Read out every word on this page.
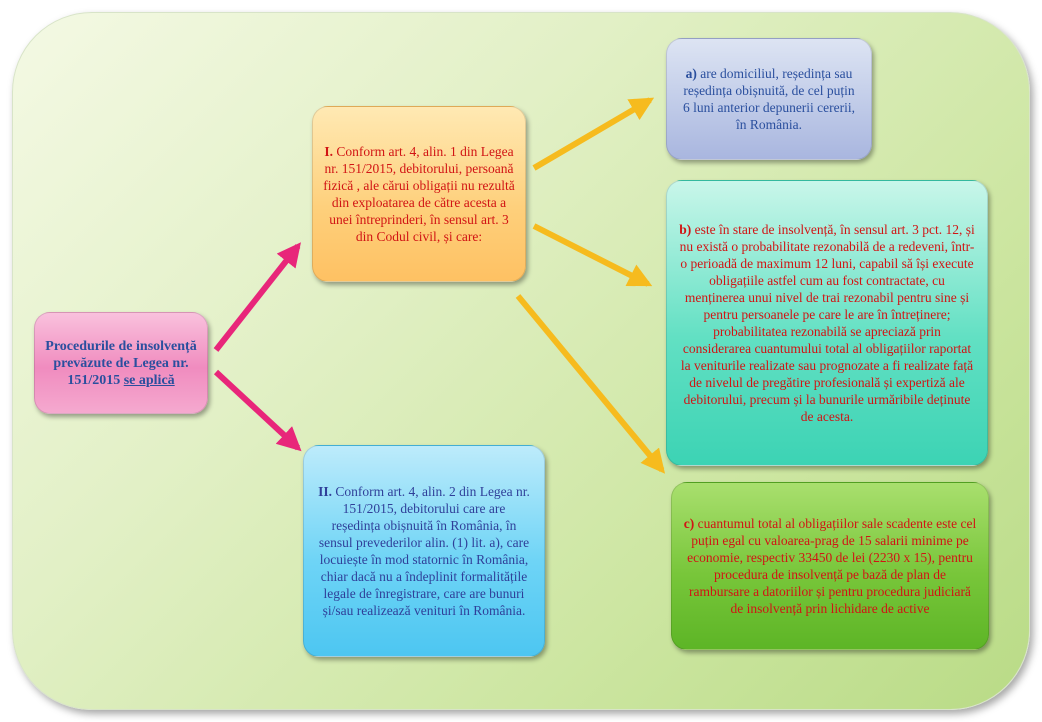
Procedurile de insolvență prevăzute de Legea nr. 151/2015 se aplică
I. Conform art. 4, alin. 1 din Legea nr. 151/2015, debitorului, persoană fizică , ale cărui obligații nu rezultă din exploatarea de către acesta a unei întreprinderi, în sensul art. 3 din Codul civil, și care:
II. Conform art. 4, alin. 2 din Legea nr. 151/2015, debitorului care are reședința obișnuită în România, în sensul prevederilor alin. (1) lit. a), care locuiește în mod statornic în România, chiar dacă nu a îndeplinit formalitățile legale de înregistrare, care are bunuri și/sau realizează venituri în România.
a) are domiciliul, reședința sau reședința obișnuită, de cel puțin 6 luni anterior depunerii cererii, în România.
b) este în stare de insolvență, în sensul art. 3 pct. 12, și nu există o probabilitate rezonabilă de a redeveni, într-o perioadă de maximum 12 luni, capabil să își execute obligațiile astfel cum au fost contractate, cu menținerea unui nivel de trai rezonabil pentru sine și pentru persoanele pe care le are în întreținere; probabilitatea rezonabilă se apreciază prin considerarea cuantumului total al obligațiilor raportat la veniturile realizate sau prognozate a fi realizate față de nivelul de pregătire profesională și expertiză ale debitorului, precum și la bunurile urmăribile deținute de acesta.
c) cuantumul total al obligațiilor sale scadente este cel puțin egal cu valoarea-prag de 15 salarii minime pe economie, respectiv 33450 de lei (2230 x 15), pentru procedura de insolvență pe bază de plan de rambursare a datoriilor și pentru procedura judiciară de insolvență prin lichidare de active
